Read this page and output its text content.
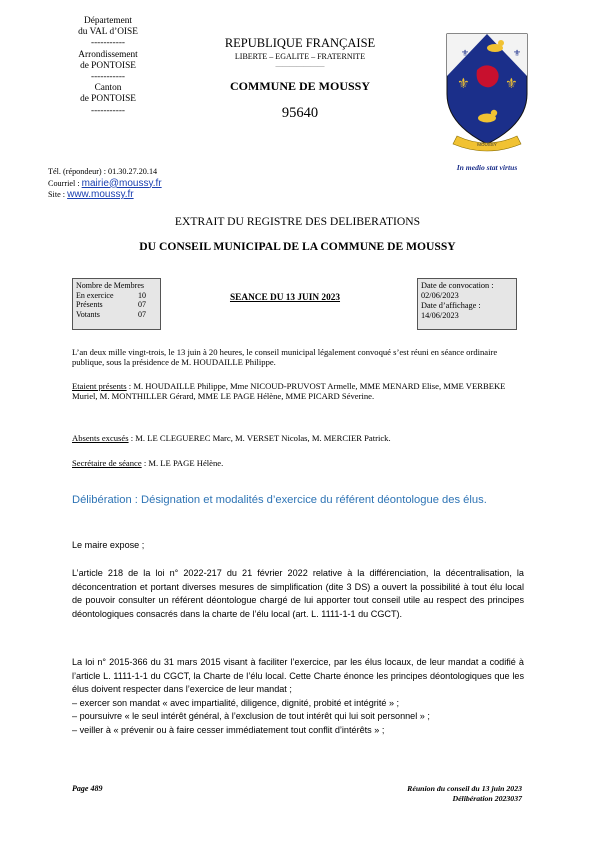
Département
du VAL d’OISE
-----------
Arrondissement
de PONTOISE
-----------
Canton
de PONTOISE
-----------
Tél. (répondeur) : 01.30.27.20.14
Courriel : mairie@moussy.fr
Site : www.moussy.fr
REPUBLIQUE FRANÇAISE
LIBERTE – EGALITE – FRATERNITE
———————
COMMUNE DE MOUSSY
95640
⚜	⚜
⚜	⚜
MOUSSY
In medio stat virtus
EXTRAIT DU REGISTRE DES DELIBERATIONS
DU CONSEIL MUNICIPAL DE LA COMMUNE DE MOUSSY
Nombre de Membres
En exercice	10
Présents	07
Votants	07
SEANCE DU 13 JUIN 2023
Date de convocation :
02/06/2023
Date d’affichage :
14/06/2023
L’an deux mille vingt-trois, le 13 juin à 20 heures, le conseil municipal légalement convoqué s’est réuni en séance ordinaire publique, sous la présidence de M. HOUDAILLE Philippe.
Etaient présents : M. HOUDAILLE Philippe, Mme NICOUD-PRUVOST Armelle, MME MENARD Elise, MME VERBEKE Muriel, M. MONTHILLER Gérard, MME LE PAGE Hélène, MME PICARD Séverine.
Absents excusés : M. LE CLEGUEREC Marc, M. VERSET Nicolas, M. MERCIER Patrick.
Secrétaire de séance : M. LE PAGE Hélène.
Délibération : Désignation et modalités d’exercice du référent déontologue des élus.
Le maire expose ;
L’article 218 de la loi n° 2022-217 du 21 février 2022 relative à la différenciation, la décentralisation, la déconcentration et portant diverses mesures de simplification (dite 3 DS) a ouvert la possibilité à tout élu local de pouvoir consulter un référent déontologue chargé de lui apporter tout conseil utile au respect des principes déontologiques consacrés dans la charte de l’élu local (art. L. 1111-1-1 du CGCT).
La loi n° 2015-366 du 31 mars 2015 visant à faciliter l’exercice, par les élus locaux, de leur mandat a codifié à l’article L. 1111-1-1 du CGCT, la Charte de l’élu local. Cette Charte énonce les principes déontologiques que les élus doivent respecter dans l’exercice de leur mandat ;
– exercer son mandat « avec impartialité, diligence, dignité, probité et intégrité » ;
– poursuivre « le seul intérêt général, à l’exclusion de tout intérêt qui lui soit personnel » ;
– veiller à « prévenir ou à faire cesser immédiatement tout conflit d’intérêts » ;
Page 489	Réunion du conseil du 13 juin 2023
Délibération 2023037
